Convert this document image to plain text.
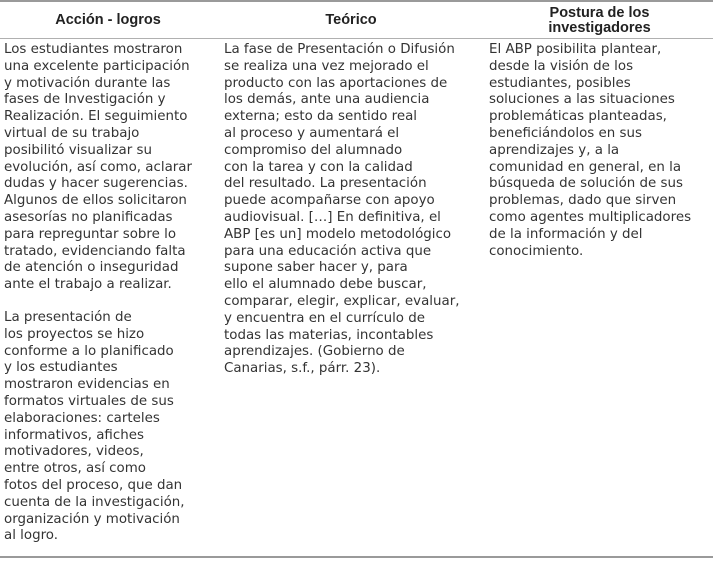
Acción - logros	Teórico	Postura de los
investigadores

Los estudiantes mostraron
una excelente participación
y motivación durante las
fases de Investigación y
Realización. El seguimiento
virtual de su trabajo
posibilitó visualizar su
evolución, así como, aclarar
dudas y hacer sugerencias.
Algunos de ellos solicitaron
asesorías no planificadas
para repreguntar sobre lo
tratado, evidenciando falta
de atención o inseguridad
ante el trabajo a realizar.

La presentación de
los proyectos se hizo
conforme a lo planificado
y los estudiantes
mostraron evidencias en
formatos virtuales de sus
elaboraciones: carteles
informativos, afiches
motivadores, videos,
entre otros, así como
fotos del proceso, que dan
cuenta de la investigación,
organización y motivación
al logro.

La fase de Presentación o Difusión
se realiza una vez mejorado el
producto con las aportaciones de
los demás, ante una audiencia
externa; esto da sentido real
al proceso y aumentará el
compromiso del alumnado
con la tarea y con la calidad
del resultado. La presentación
puede acompañarse con apoyo
audiovisual. […] En definitiva, el
ABP [es un] modelo metodológico
para una educación activa que
supone saber hacer y, para
ello el alumnado debe buscar,
comparar, elegir, explicar, evaluar,
y encuentra en el currículo de
todas las materias, incontables
aprendizajes. (Gobierno de
Canarias, s.f., párr. 23).

El ABP posibilita plantear,
desde la visión de los
estudiantes, posibles
soluciones a las situaciones
problemáticas planteadas,
beneficiándolos en sus
aprendizajes y, a la
comunidad en general, en la
búsqueda de solución de sus
problemas, dado que sirven
como agentes multiplicadores
de la información y del
conocimiento.
